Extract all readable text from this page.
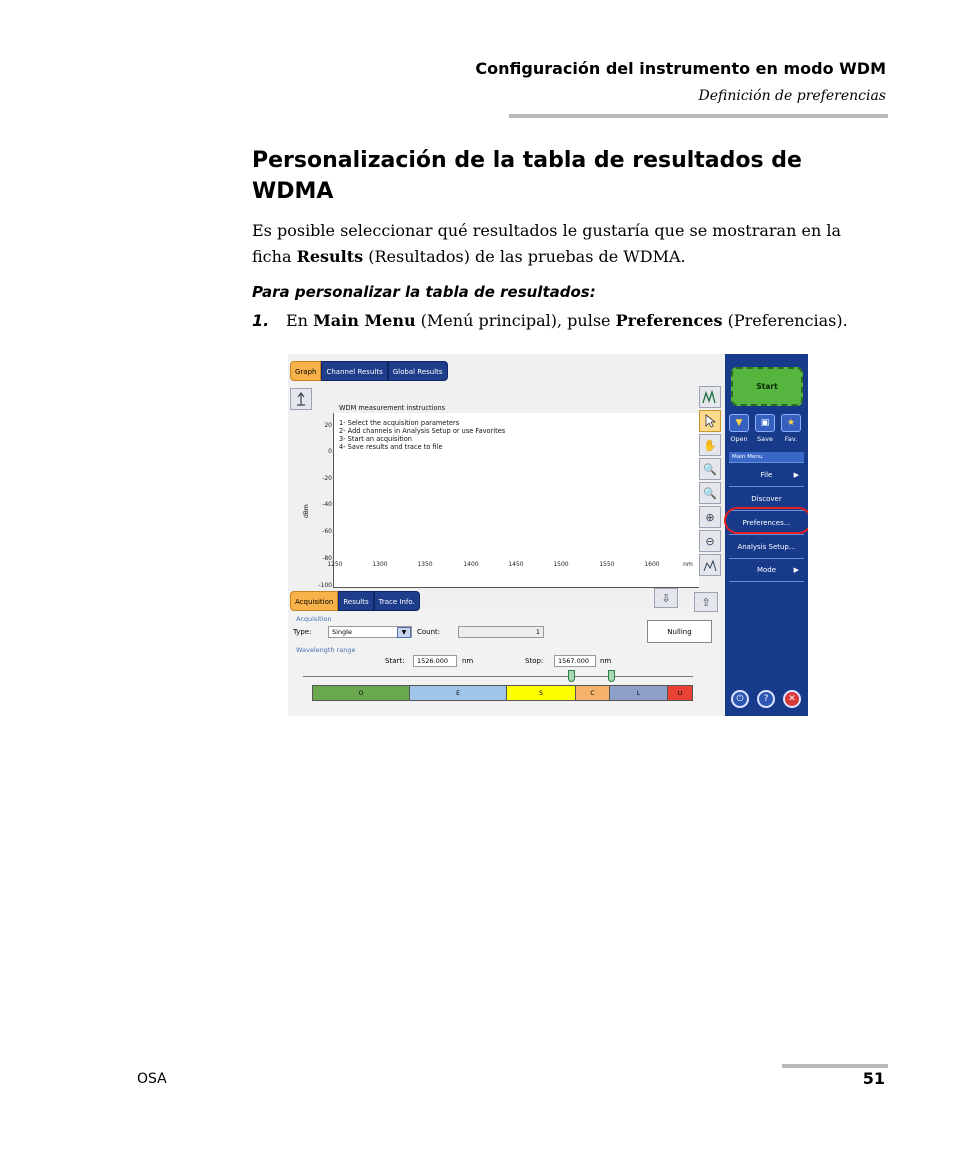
Configuración del instrumento en modo WDM
Definición de preferencias
Personalización de la tabla de resultados de WDMA
Es posible seleccionar qué resultados le gustaría que se mostraran en la ficha Results (Resultados) de las pruebas de WDMA.
Para personalizar la tabla de resultados:
1. En Main Menu (Menú principal), pulse Preferences (Preferencias).
Graph	Channel Results	Global Results
20
0
-20
-40
-60
-80
-100
dBm
1250	1300	1350	1400	1450	1500	1550	1600	nm
WDM measurement instructions
1- Select the acquisition parameters
2- Add channels in Analysis Setup or use Favorites
3- Start an acquisition
4- Save results and trace to file	✋
🔍
🔍
⊕
⊖
Start
▼	▣	★
Open	Save	Fav.
Main Menu
File	▶
Discover
Preferences...
Analysis Setup...
Mode	▶
⏻	?	✕
Acquisition	Results	Trace Info.	⇩	⇧
Acquisition
Type:	Single	▼	Count:	1	Nulling
Wavelength range
Start:	1526.000	nm	Stop:	1567.000	nm
O	E	S	C	L	U
OSA	51
